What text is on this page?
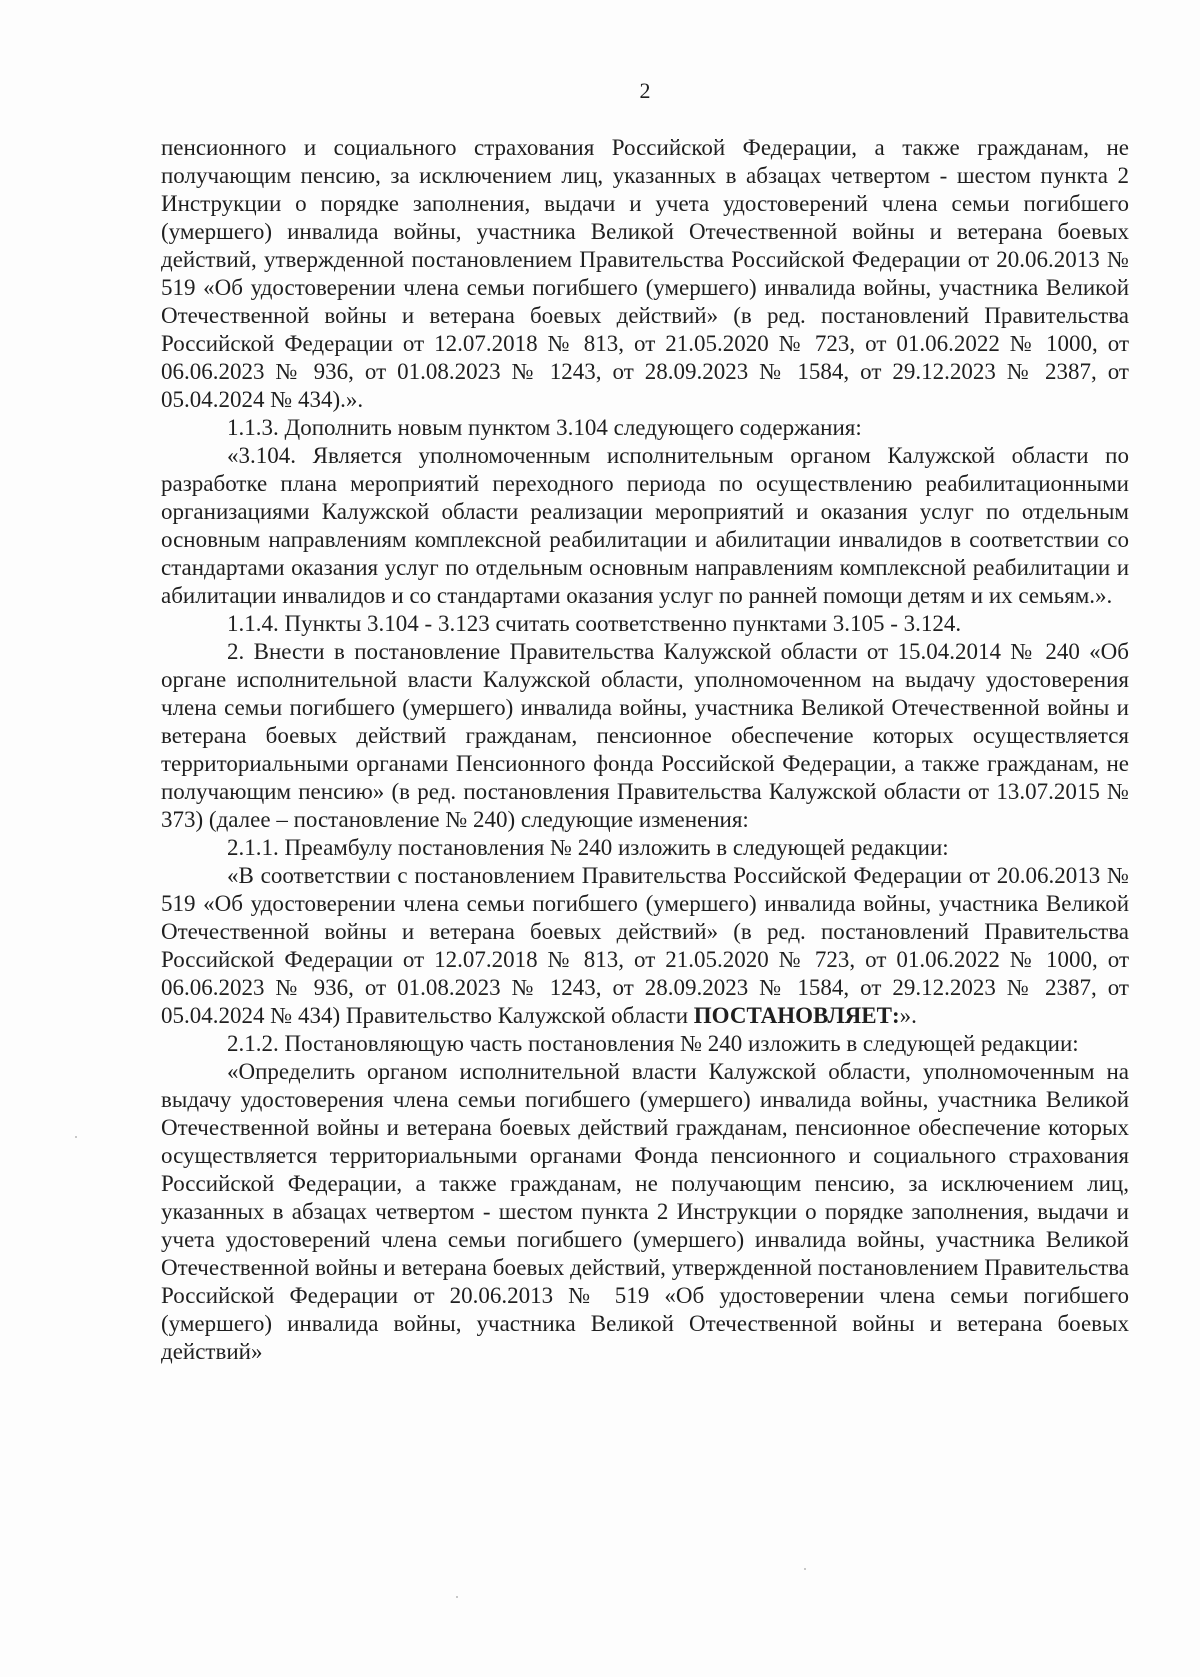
2

пенсионного и социального страхования Российской Федерации, а также гражданам, не получающим пенсию, за исключением лиц, указанных в абзацах четвертом - шестом пункта 2 Инструкции о порядке заполнения, выдачи и учета удостоверений члена семьи погибшего (умершего) инвалида войны, участника Великой Отечественной войны и ветерана боевых действий, утвержденной постановлением Правительства Российской Федерации от 20.06.2013 № 519 «Об удостоверении члена семьи погибшего (умершего) инвалида войны, участника Великой Отечественной войны и ветерана боевых действий» (в ред. постановлений Правительства Российской Федерации от 12.07.2018 № 813, от 21.05.2020 № 723, от 01.06.2022 № 1000, от 06.06.2023 № 936, от 01.08.2023 № 1243, от 28.09.2023 № 1584, от 29.12.2023 № 2387, от 05.04.2024 № 434).».

1.1.3. Дополнить новым пунктом 3.104 следующего содержания:

«3.104. Является уполномоченным исполнительным органом Калужской области по разработке плана мероприятий переходного периода по осуществлению реабилитационными организациями Калужской области реализации мероприятий и оказания услуг по отдельным основным направлениям комплексной реабилитации и абилитации инвалидов в соответствии со стандартами оказания услуг по отдельным основным направлениям комплексной реабилитации и абилитации инвалидов и со стандартами оказания услуг по ранней помощи детям и их семьям.».

1.1.4. Пункты 3.104 - 3.123 считать соответственно пунктами 3.105 - 3.124.

2. Внести в постановление Правительства Калужской области от 15.04.2014 № 240 «Об органе исполнительной власти Калужской области, уполномоченном на выдачу удостоверения члена семьи погибшего (умершего) инвалида войны, участника Великой Отечественной войны и ветерана боевых действий гражданам, пенсионное обеспечение которых осуществляется территориальными органами Пенсионного фонда Российской Федерации, а также гражданам, не получающим пенсию» (в ред. постановления Правительства Калужской области от 13.07.2015 № 373) (далее – постановление № 240) следующие изменения:

2.1.1. Преамбулу постановления № 240 изложить в следующей редакции:

«В соответствии с постановлением Правительства Российской Федерации от 20.06.2013 № 519 «Об удостоверении члена семьи погибшего (умершего) инвалида войны, участника Великой Отечественной войны и ветерана боевых действий» (в ред. постановлений Правительства Российской Федерации от 12.07.2018 № 813, от 21.05.2020 № 723, от 01.06.2022 № 1000, от 06.06.2023 № 936, от 01.08.2023 № 1243, от 28.09.2023 № 1584, от 29.12.2023 № 2387, от 05.04.2024 № 434) Правительство Калужской области ПОСТАНОВЛЯЕТ:».

2.1.2. Постановляющую часть постановления № 240 изложить в следующей редакции:

«Определить органом исполнительной власти Калужской области, уполномоченным на выдачу удостоверения члена семьи погибшего (умершего) инвалида войны, участника Великой Отечественной войны и ветерана боевых действий гражданам, пенсионное обеспечение которых осуществляется территориальными органами Фонда пенсионного и социального страхования Российской Федерации, а также гражданам, не получающим пенсию, за исключением лиц, указанных в абзацах четвертом - шестом пункта 2 Инструкции о порядке заполнения, выдачи и учета удостоверений члена семьи погибшего (умершего) инвалида войны, участника Великой Отечественной войны и ветерана боевых действий, утвержденной постановлением Правительства Российской Федерации от 20.06.2013 № 519 «Об удостоверении члена семьи погибшего (умершего) инвалида войны, участника Великой Отечественной войны и ветерана боевых действий»
